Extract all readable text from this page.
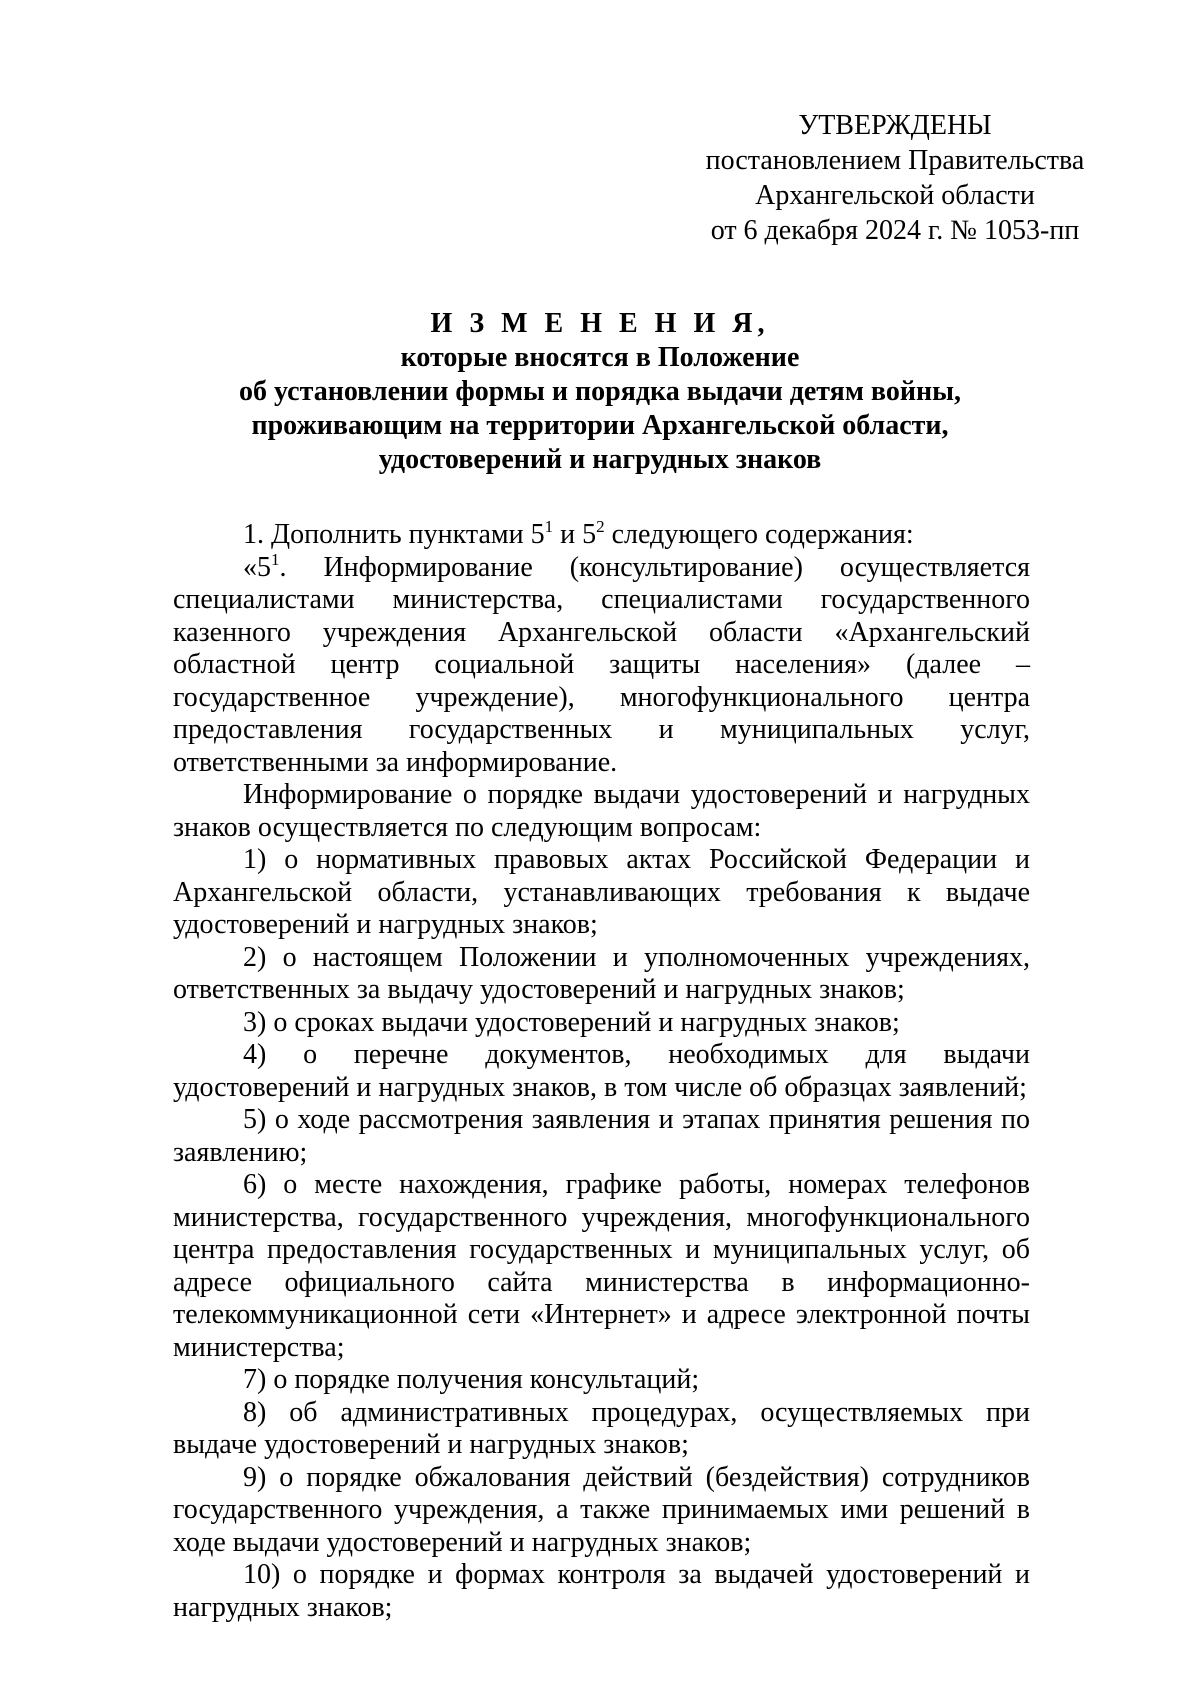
УТВЕРЖДЕНЫ
постановлением Правительства
Архангельской области
от 6 декабря 2024 г. № 1053-пп
И З М Е Н Е Н И Я,
которые вносятся в Положение
об установлении формы и порядка выдачи детям войны,
проживающим на территории Архангельской области,
удостоверений и нагрудных знаков

1. Дополнить пунктами $5^1$ и $5^2$ следующего содержания:

«$5^1$. Информирование (консультирование) осуществляется специалистами министерства, специалистами государственного казенного учреждения Архангельской области «Архангельский областной центр социальной защиты населения» (далее – государственное учреждение), многофункционального центра предоставления государственных и муниципальных услуг, ответственными за информирование.

Информирование о порядке выдачи удостоверений и нагрудных знаков осуществляется по следующим вопросам:

1) о нормативных правовых актах Российской Федерации и Архангельской области, устанавливающих требования к выдаче удостоверений и нагрудных знаков;

2) о настоящем Положении и уполномоченных учреждениях, ответственных за выдачу удостоверений и нагрудных знаков;

3) о сроках выдачи удостоверений и нагрудных знаков;

4) о перечне документов, необходимых для выдачи удостоверений и нагрудных знаков, в том числе об образцах заявлений;

5) о ходе рассмотрения заявления и этапах принятия решения по заявлению;

6) о месте нахождения, графике работы, номерах телефонов министерства, государственного учреждения, многофункционального центра предоставления государственных и муниципальных услуг, об адресе официального сайта министерства в информационно-телекоммуникационной сети «Интернет» и адресе электронной почты министерства;

7) о порядке получения консультаций;

8) об административных процедурах, осуществляемых при выдаче удостоверений и нагрудных знаков;

9) о порядке обжалования действий (бездействия) сотрудников государственного учреждения, а также принимаемых ими решений в ходе выдачи удостоверений и нагрудных знаков;

10) о порядке и формах контроля за выдачей удостоверений и нагрудных знаков;
